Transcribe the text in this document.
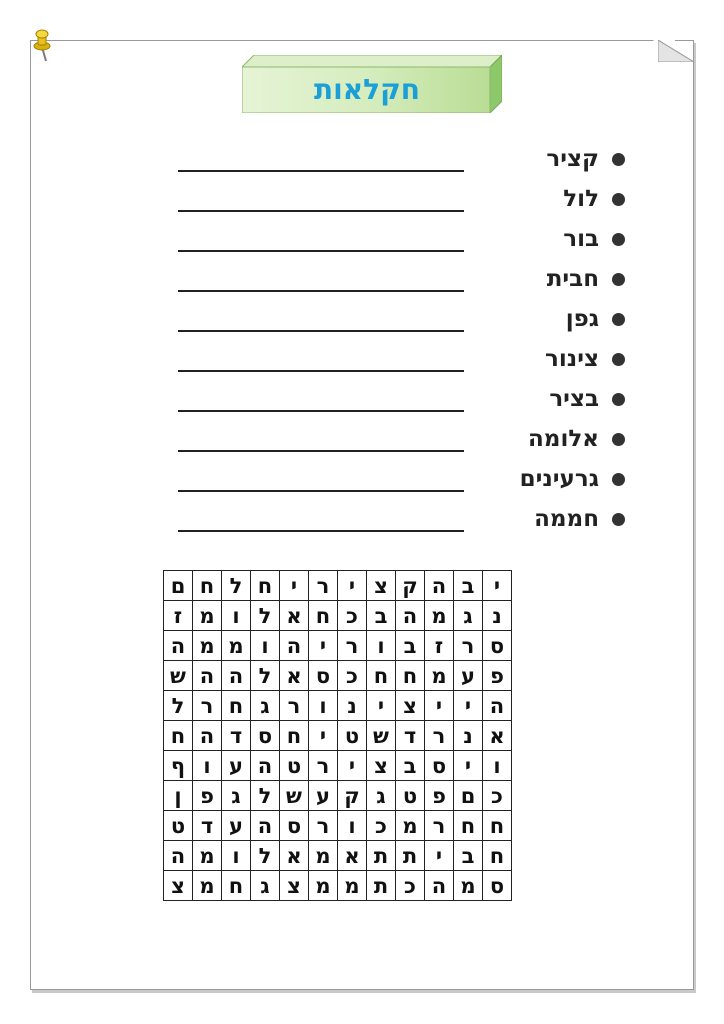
חקלאות
קציר
לול
בור
חבית
גפן
צינור
בציר
אלומה
גרעינים
חממה
י	ב	ה	ק	צ	י	ר	י	ח	ל	ח	ם
נ	ג	מ	ה	ב	כ	ח	א	ל	ו	מ	ז
ס	ר	ז	ב	ו	ר	י	ה	ו	מ	מ	ה
פ	ע	מ	ח	ח	כ	ס	א	ל	ה	ה	ש
ה	י	י	צ	י	נ	ו	ר	ג	ח	ר	ל
א	נ	ר	ד	ש	ט	י	ח	ס	ד	ה	ח
ו	י	ס	ב	צ	י	ר	ט	ה	ע	ו	ף
כ	ם	פ	ט	ג	ק	ע	ש	ל	ג	פ	ן
ח	ח	ר	מ	כ	ו	ר	ס	ה	ע	ד	ט
ח	ב	י	ת	ת	א	מ	א	ל	ו	מ	ה
ס	מ	ה	כ	ת	מ	מ	צ	ג	ח	מ	צ
